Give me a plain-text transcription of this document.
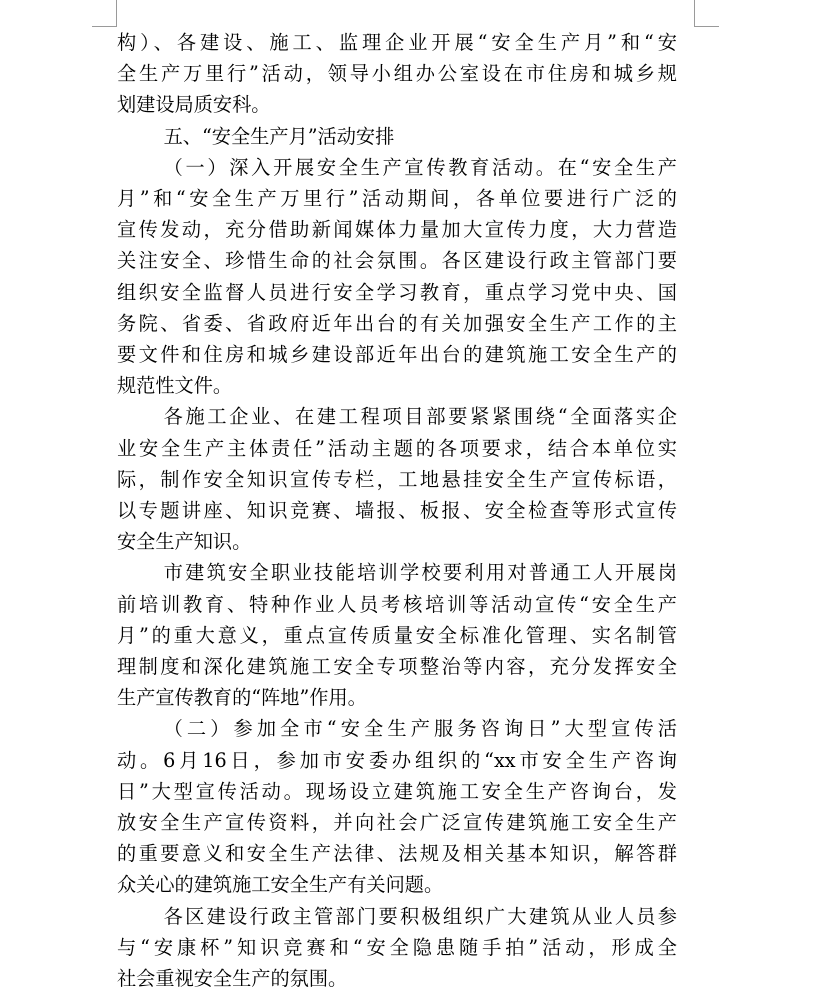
构）、各建设、施工、监理企业开展“安全生产月”和“安
全生产万里行”活动，领导小组办公室设在市住房和城乡规
划建设局质安科。
五、“安全生产月”活动安排
（一）深入开展安全生产宣传教育活动。在“安全生产
月”和“安全生产万里行”活动期间，各单位要进行广泛的
宣传发动，充分借助新闻媒体力量加大宣传力度，大力营造
关注安全、珍惜生命的社会氛围。各区建设行政主管部门要
组织安全监督人员进行安全学习教育，重点学习党中央、国
务院、省委、省政府近年出台的有关加强安全生产工作的主
要文件和住房和城乡建设部近年出台的建筑施工安全生产的
规范性文件。
各施工企业、在建工程项目部要紧紧围绕“全面落实企
业安全生产主体责任”活动主题的各项要求，结合本单位实
际，制作安全知识宣传专栏，工地悬挂安全生产宣传标语，
以专题讲座、知识竞赛、墙报、板报、安全检查等形式宣传
安全生产知识。
市建筑安全职业技能培训学校要利用对普通工人开展岗
前培训教育、特种作业人员考核培训等活动宣传“安全生产
月”的重大意义，重点宣传质量安全标准化管理、实名制管
理制度和深化建筑施工安全专项整治等内容，充分发挥安全
生产宣传教育的“阵地”作用。
（二）参加全市“安全生产服务咨询日”大型宣传活
动。6月16日，参加市安委办组织的“xx市安全生产咨询
日”大型宣传活动。现场设立建筑施工安全生产咨询台，发
放安全生产宣传资料，并向社会广泛宣传建筑施工安全生产
的重要意义和安全生产法律、法规及相关基本知识，解答群
众关心的建筑施工安全生产有关问题。
各区建设行政主管部门要积极组织广大建筑从业人员参
与“安康杯”知识竞赛和“安全隐患随手拍”活动，形成全
社会重视安全生产的氛围。
